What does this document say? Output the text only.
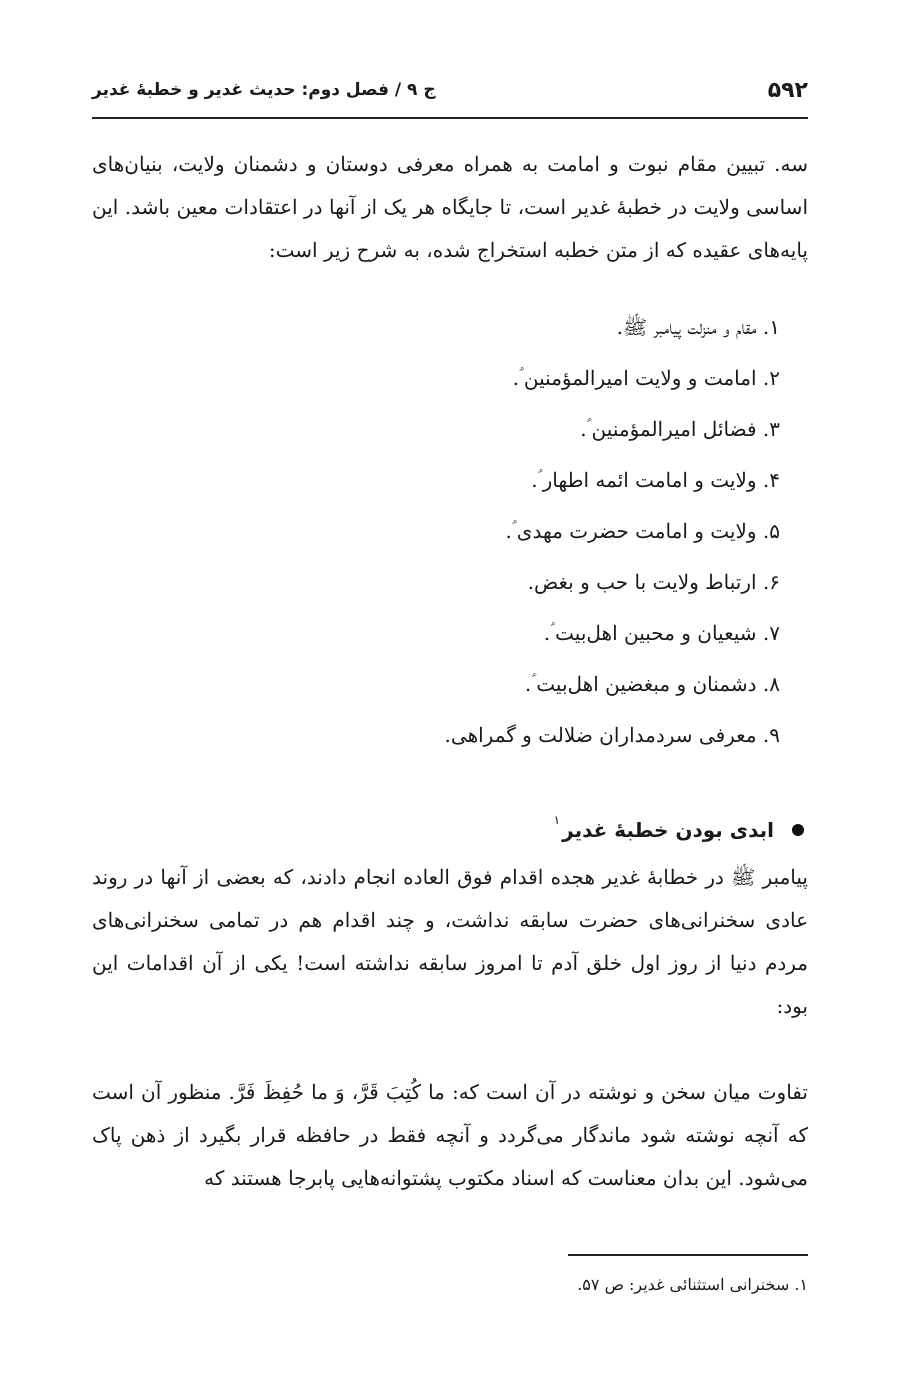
۵۹۲
ج ۹ / فصل دوم: حدیث غدیر و خطبهٔ غدیر

سه. تبیین مقام نبوت و امامت به همراه معرفی دوستان و دشمنان ولایت، بنیان‌های اساسی ولایت در خطبهٔ غدیر است، تا جایگاه هر یک از آنها در اعتقادات معین باشد. این پایه‌های عقیده که از متن خطبه استخراج شده، به شرح زیر است:

۱. مقام و منزلت پیامبر ﷺ.
۲. امامت و ولایت امیرالمؤمنین ؑ.
۳. فضائل امیرالمؤمنین ؑ.
۴. ولایت و امامت ائمه اطهار ؑ.
۵. ولایت و امامت حضرت مهدی ؑ.
۶. ارتباط ولایت با حب و بغض.
۷. شیعیان و محبین اهل‌بیت ؑ.
۸. دشمنان و مبغضین اهل‌بیت ؑ.
۹. معرفی سردمداران ضلالت و گمراهی.
ابدی بودن خطبهٔ غدیر
۱

پیامبر ﷺ در خطابهٔ غدیر هجده اقدام فوق العاده انجام دادند، که بعضی از آنها در روند عادی سخنرانی‌های حضرت سابقه نداشت، و چند اقدام هم در تمامی سخنرانی‌های مردم دنیا از روز اول خلق آدم تا امروز سابقه نداشته است! یکی از آن اقدامات این بود:

تفاوت میان سخن و نوشته در آن است که: ما کُتِبَ قَرَّ، وَ ما حُفِظَ فَرَّ. منظور آن است که آنچه نوشته شود ماندگار می‌گردد و آنچه فقط در حافظه قرار بگیرد از ذهن پاک می‌شود. این بدان معناست که اسناد مکتوب پشتوانه‌هایی پابرجا هستند که

۱. سخنرانی استثنائی غدیر: ص ۵۷.
